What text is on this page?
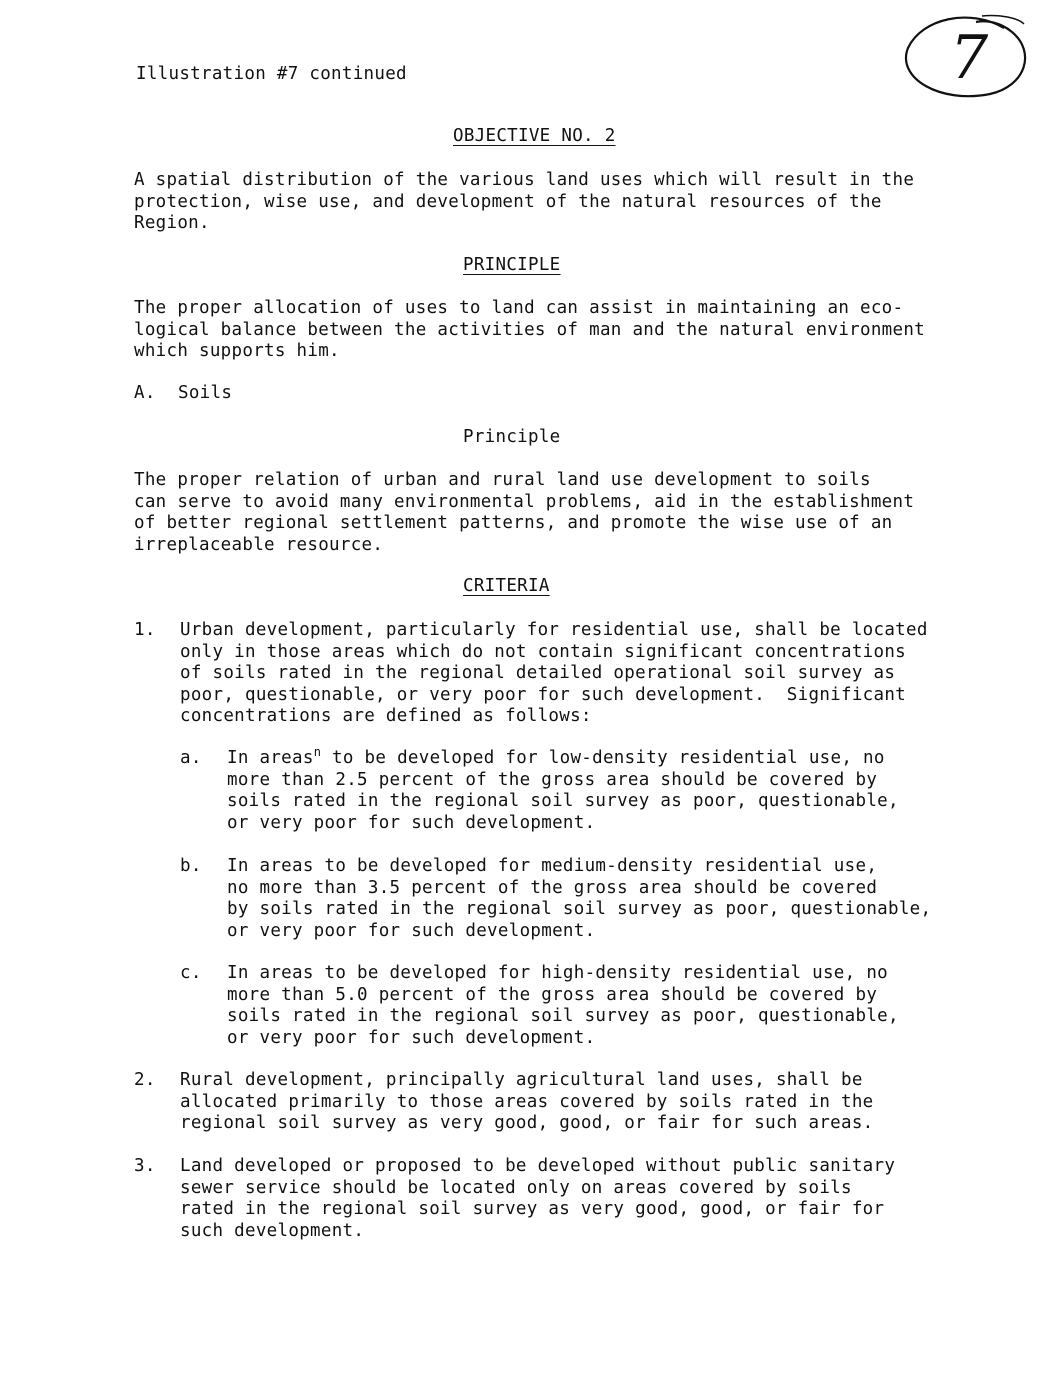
Illustration #7 continued	7
OBJECTIVE NO. 2
A spatial distribution of the various land uses which will result in the
protection, wise use, and development of the natural resources of the
Region.
PRINCIPLE
The proper allocation of uses to land can assist in maintaining an eco-
logical balance between the activities of man and the natural environment
which supports him.
A. Soils
Principle
The proper relation of urban and rural land use development to soils
can serve to avoid many environmental problems, aid in the establishment
of better regional settlement patterns, and promote the wise use of an
irreplaceable resource.
CRITERIA
1. Urban development, particularly for residential use, shall be located
only in those areas which do not contain significant concentrations
of soils rated in the regional detailed operational soil survey as
poor, questionable, or very poor for such development.  Significant
concentrations are defined as follows:
a. In areas$^n$ to be developed for low-density residential use, no
more than 2.5 percent of the gross area should be covered by
soils rated in the regional soil survey as poor, questionable,
or very poor for such development.
b. In areas to be developed for medium-density residential use,
no more than 3.5 percent of the gross area should be covered
by soils rated in the regional soil survey as poor, questionable,
or very poor for such development.
c. In areas to be developed for high-density residential use, no
more than 5.0 percent of the gross area should be covered by
soils rated in the regional soil survey as poor, questionable,
or very poor for such development.
2. Rural development, principally agricultural land uses, shall be
allocated primarily to those areas covered by soils rated in the
regional soil survey as very good, good, or fair for such areas.
3. Land developed or proposed to be developed without public sanitary
sewer service should be located only on areas covered by soils
rated in the regional soil survey as very good, good, or fair for
such development.
